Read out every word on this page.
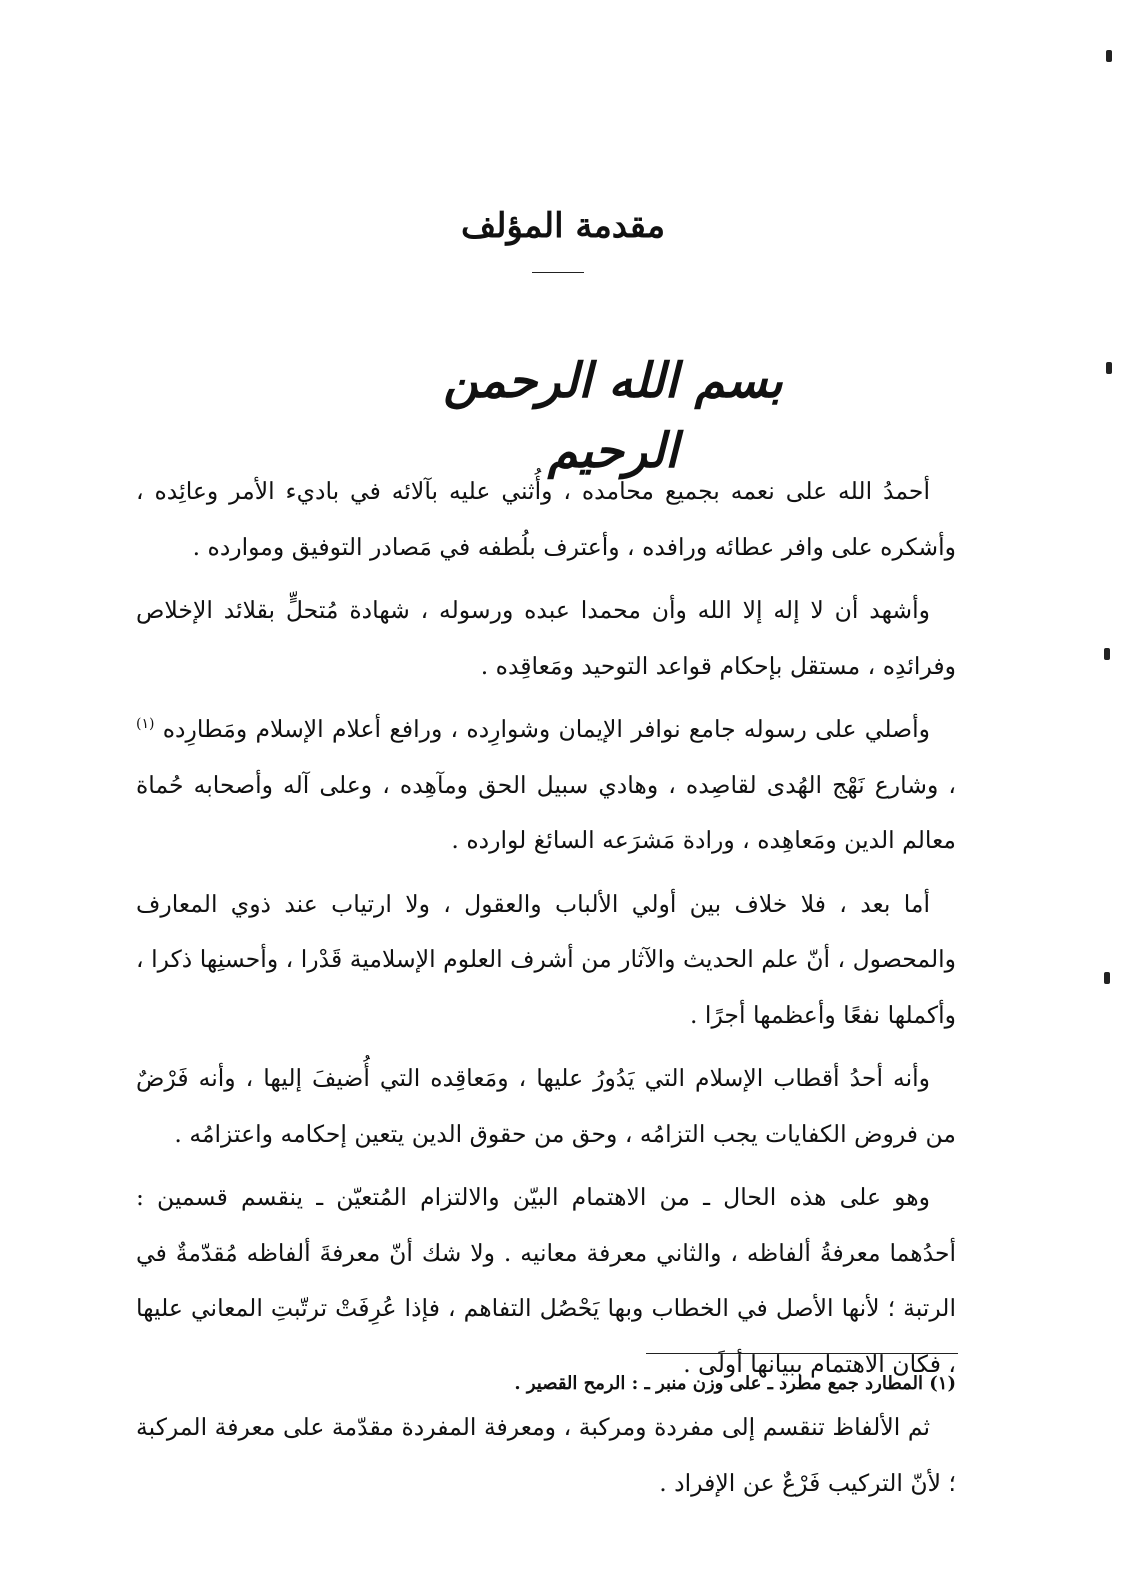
مقدمة المؤلف
بسم الله الرحمن الرحيم

أحمدُ الله على نعمه بجميع محامده ، وأُثني عليه بآلائه في باديء الأمر وعائِده ، وأشكره على وافر عطائه ورافده ، وأعترف بلُطفه في مَصادر التوفيق وموارده .

وأشهد أن لا إله إلا الله وأن محمدا عبده ورسوله ، شهادة مُتحلٍّ بقلائد الإخلاص وفرائدِه ، مستقل بإحكام قواعد التوحيد ومَعاقِده .

وأصلي على رسوله جامع نوافر الإيمان وشوارِده ، ورافع أعلام الإسلام ومَطارِده $^{(١)}$ ، وشارع نَهْج الهُدى لقاصِده ، وهادي سبيل الحق ومآهِده ، وعلى آله وأصحابه حُماة معالم الدين ومَعاهِده ، ورادة مَشرَعه السائغ لوارده .

أما بعد ، فلا خلاف بين أولي الألباب والعقول ، ولا ارتياب عند ذوي المعارف والمحصول ، أنّ علم الحديث والآثار من أشرف العلوم الإسلامية قَدْرا ، وأحسنِها ذكرا ، وأكملها نفعًا وأعظمها أجرًا .

وأنه أحدُ أقطاب الإسلام التي يَدُورُ عليها ، ومَعاقِده التي أُضيفَ إليها ، وأنه فَرْضٌ من فروض الكفايات يجب التزامُه ، وحق من حقوق الدين يتعين إحكامه واعتزامُه .

وهو على هذه الحال ـ من الاهتمام البيّن والالتزام المُتعيّن ـ ينقسم قسمين : أحدُهما معرفةُ ألفاظه ، والثاني معرفة معانيه . ولا شك أنّ معرفةَ ألفاظه مُقدّمةٌ في الرتبة ؛ لأنها الأصل في الخطاب وبها يَحْصُل التفاهم ، فإذا عُرِفَتْ ترتّبتِ المعاني عليها ، فكان الاهتمام ببيانها أولَى .

ثم الألفاظ تنقسم إلى مفردة ومركبة ، ومعرفة المفردة مقدّمة على معرفة المركبة ؛ لأنّ التركيب فَرْعٌ عن الإفراد .

(١) المطارد جمع مطرد ـ على وزن منبر ـ : الرمح القصير .
